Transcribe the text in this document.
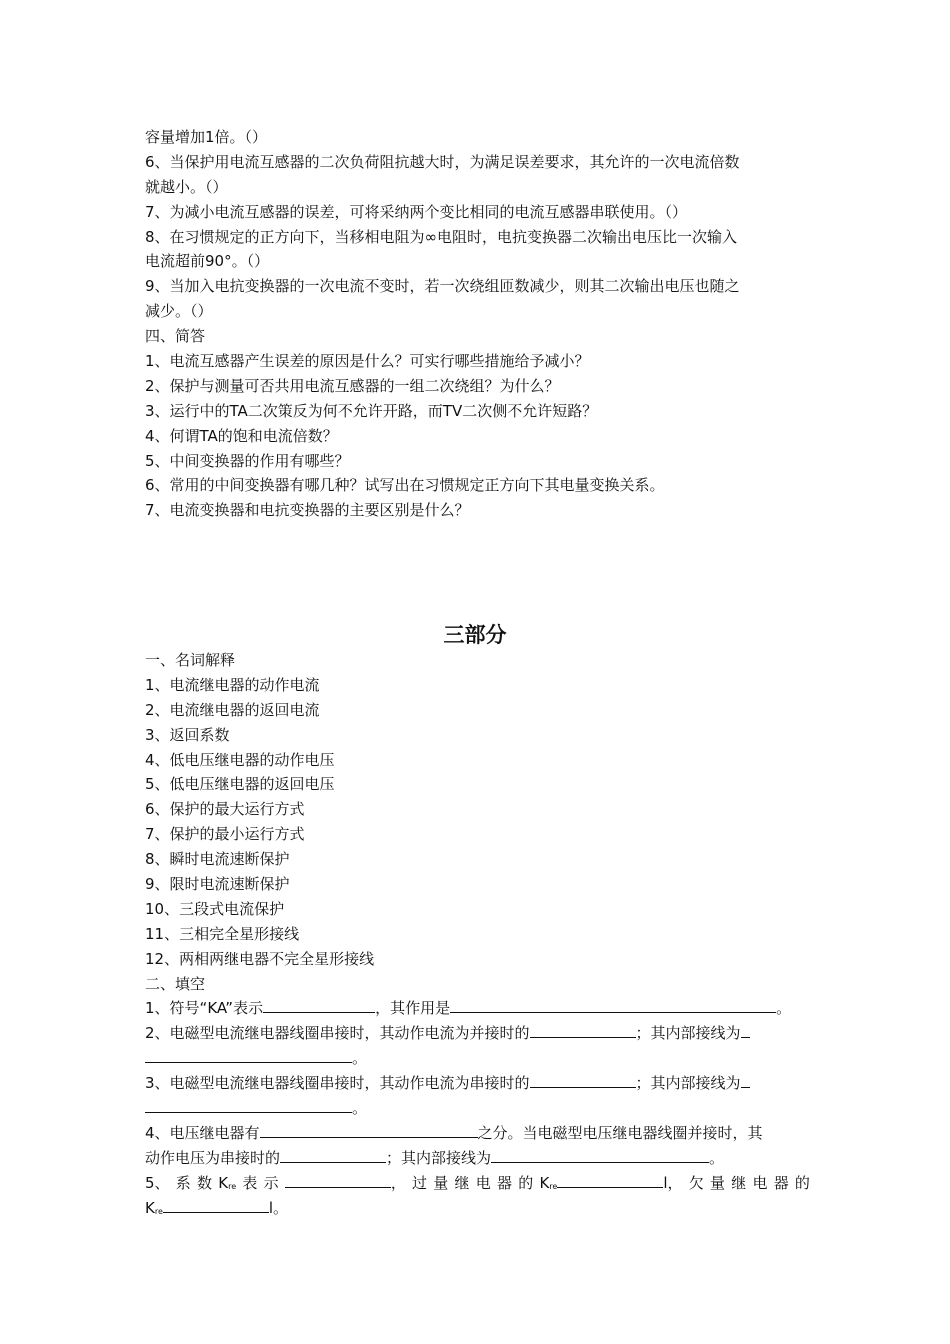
容量增加1倍。（）
6、当保护用电流互感器的二次负荷阻抗越大时，为满足误差要求，其允许的一次电流倍数
就越小。（）
7、为减小电流互感器的误差，可将采纳两个变比相同的电流互感器串联使用。（）
8、在习惯规定的正方向下，当移相电阻为∞电阻时，电抗变换器二次输出电压比一次输入
电流超前90°。（）
9、当加入电抗变换器的一次电流不变时，若一次绕组匝数减少，则其二次输出电压也随之
减少。（）
四、简答
1、电流互感器产生误差的原因是什么？可实行哪些措施给予减小？
2、保护与测量可否共用电流互感器的一组二次绕组？为什么？
3、运行中的TA二次策反为何不允许开路，而TV二次侧不允许短路？
4、何谓TA的饱和电流倍数？
5、中间变换器的作用有哪些？
6、常用的中间变换器有哪几种？试写出在习惯规定正方向下其电量变换关系。
7、电流变换器和电抗变换器的主要区别是什么？
三部分
一、名词解释
1、电流继电器的动作电流
2、电流继电器的返回电流
3、返回系数
4、低电压继电器的动作电压
5、低电压继电器的返回电压
6、保护的最大运行方式
7、保护的最小运行方式
8、瞬时电流速断保护
9、限时电流速断保护
10、三段式电流保护
11、三相完全星形接线
12、两相两继电器不完全星形接线
二、填空
1、符号“KA”表示	，其作用是	。
2、电磁型电流继电器线圈串接时，其动作电流为并接时的	；其内部接线为
。
3、电磁型电流继电器线圈串接时，其动作电流为串接时的	；其内部接线为
。
4、电压继电器有	之分。当电磁型电压继电器线圈并接时，其
动作电压为串接时的	；其内部接线为	。
5、 系 数 Kre 表 示	， 过 量 继 电 器 的 Kre	l， 欠 量 继 电 器 的
Kre	l。
